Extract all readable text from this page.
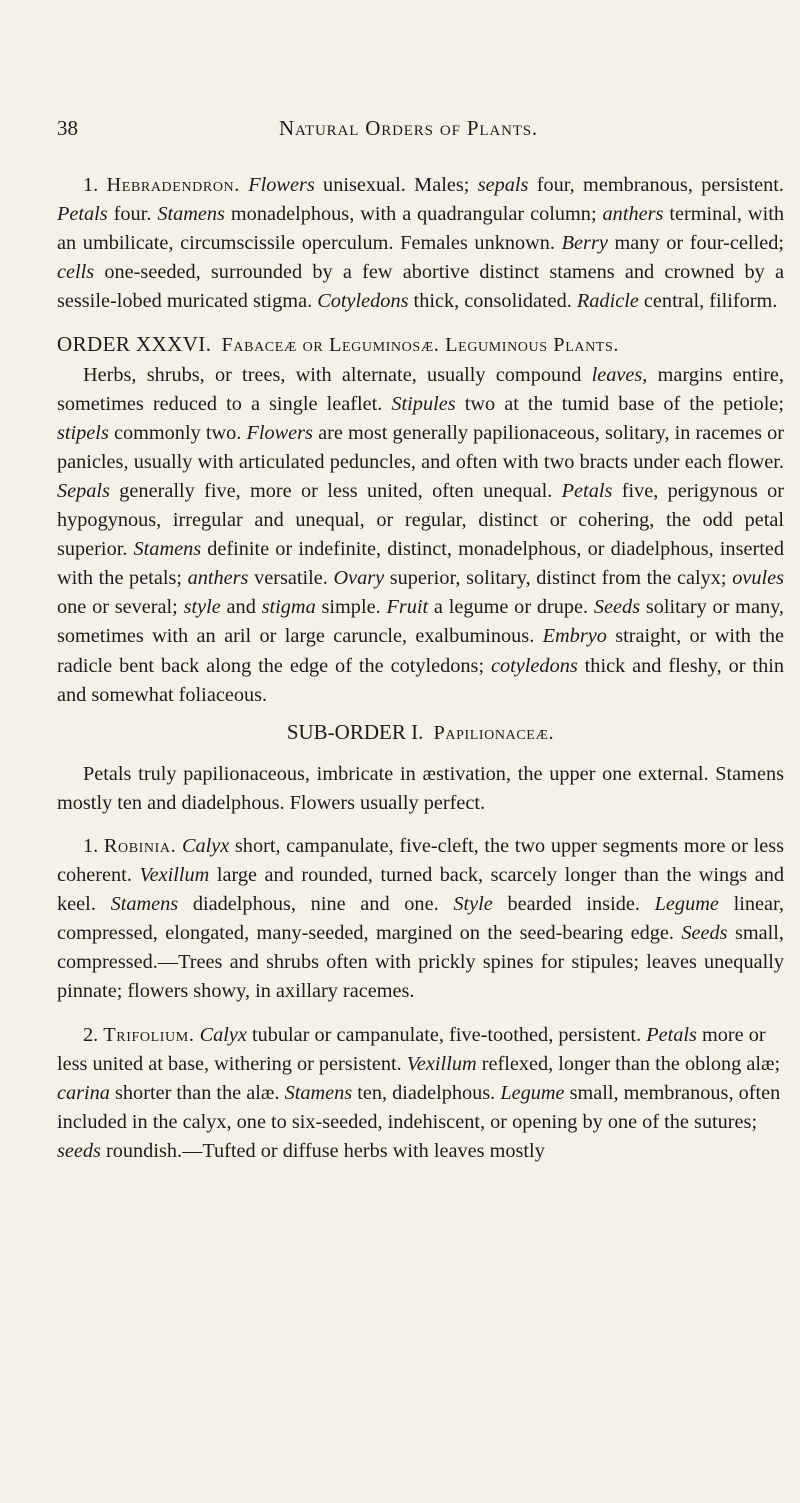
38	Natural Orders of Plants.

1. Hebradendron. Flowers unisexual. Males; sepals four, membranous, persistent. Petals four. Stamens monadelphous, with a quadrangular column; anthers terminal, with an umbilicate, circumscissile operculum. Females unknown. Berry many or four-celled; cells one-seeded, surrounded by a few abortive distinct stamens and crowned by a sessile-lobed muricated stigma. Cotyledons thick, consolidated. Radicle central, filiform.

ORDER XXXVI. Fabaceæ or Leguminosæ. Leguminous Plants.

Herbs, shrubs, or trees, with alternate, usually compound leaves, margins entire, sometimes reduced to a single leaflet. Stipules two at the tumid base of the petiole; stipels commonly two. Flowers are most generally papilionaceous, solitary, in racemes or panicles, usually with articulated peduncles, and often with two bracts under each flower. Sepals generally five, more or less united, often unequal. Petals five, perigynous or hypogynous, irregular and unequal, or regular, distinct or cohering, the odd petal superior. Stamens definite or indefinite, distinct, monadelphous, or diadelphous, inserted with the petals; anthers versatile. Ovary superior, solitary, distinct from the calyx; ovules one or several; style and stigma simple. Fruit a legume or drupe. Seeds solitary or many, sometimes with an aril or large caruncle, exalbuminous. Embryo straight, or with the radicle bent back along the edge of the cotyledons; cotyledons thick and fleshy, or thin and somewhat foliaceous.

SUB-ORDER I. Papilionaceæ.

Petals truly papilionaceous, imbricate in æstivation, the upper one external. Stamens mostly ten and diadelphous. Flowers usually perfect.

1. Robinia. Calyx short, campanulate, five-cleft, the two upper segments more or less coherent. Vexillum large and rounded, turned back, scarcely longer than the wings and keel. Stamens diadelphous, nine and one. Style bearded inside. Legume linear, compressed, elongated, many-seeded, margined on the seed-bearing edge. Seeds small, compressed.—Trees and shrubs often with prickly spines for stipules; leaves unequally pinnate; flowers showy, in axillary racemes.

2. Trifolium. Calyx tubular or campanulate, five-toothed, persistent. Petals more or less united at base, withering or persistent. Vexillum reflexed, longer than the oblong alæ; carina shorter than the alæ. Stamens ten, diadelphous. Legume small, membranous, often included in the calyx, one to six-seeded, indehiscent, or opening by one of the sutures; seeds roundish.—Tufted or diffuse herbs with leaves mostly
